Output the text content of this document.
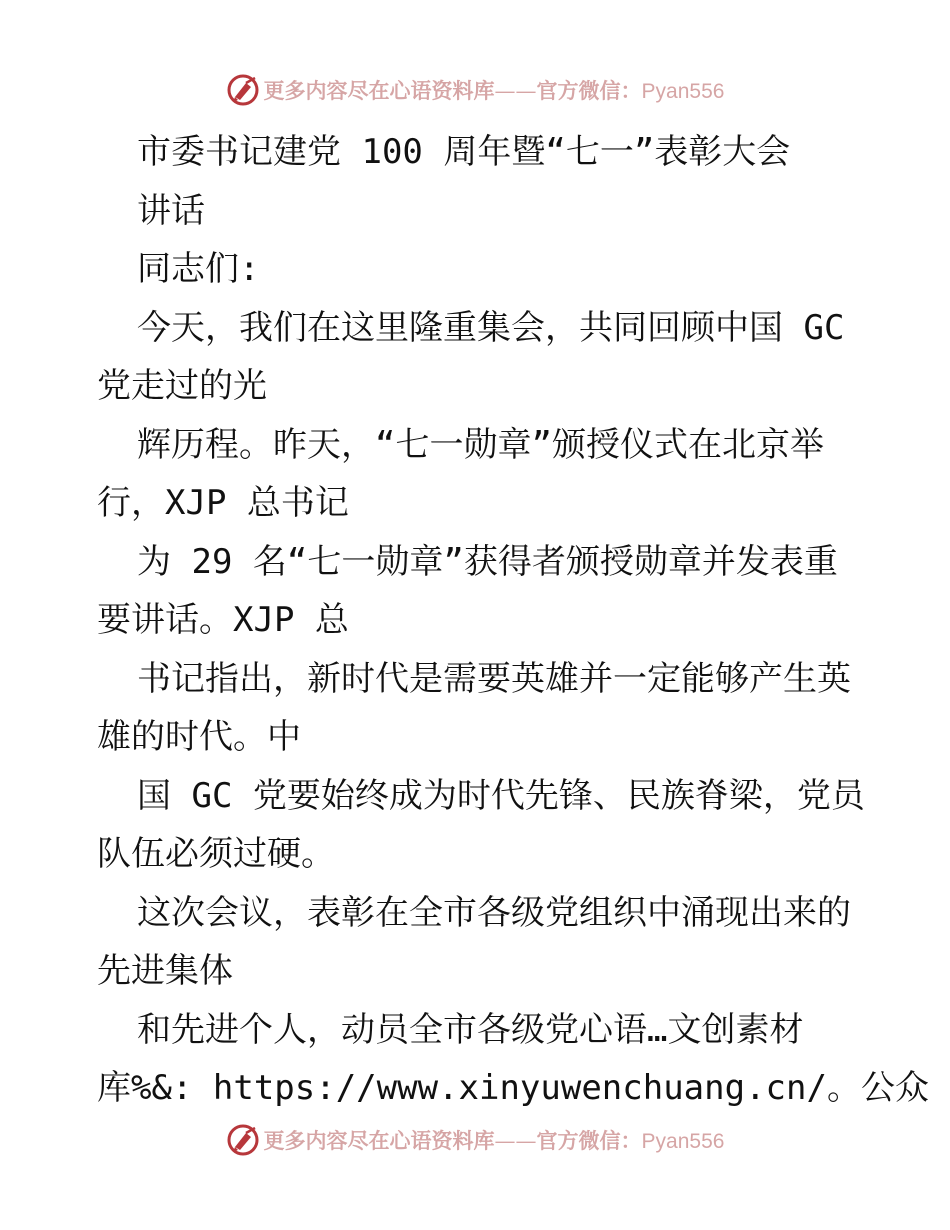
更多内容尽在心语资料库——官方微信：Pyan556
市委书记建党 100 周年暨“七一”表彰大会
讲话
同志们:
今天，我们在这里隆重集会，共同回顾中国 GC
党走过的光
辉历程。昨天，“七一勋章”颁授仪式在北京举
行，XJP 总书记
为 29 名“七一勋章”获得者颁授勋章并发表重
要讲话。XJP 总
书记指出，新时代是需要英雄并一定能够产生英
雄的时代。中
国 GC 党要始终成为时代先锋、民族脊梁，党员
队伍必须过硬。
这次会议，表彰在全市各级党组织中涌现出来的
先进集体
和先进个人，动员全市各级党心语…文创素材
库%&: https://www.xinyuwenchuang.cn/。公众
更多内容尽在心语资料库——官方微信：Pyan556
